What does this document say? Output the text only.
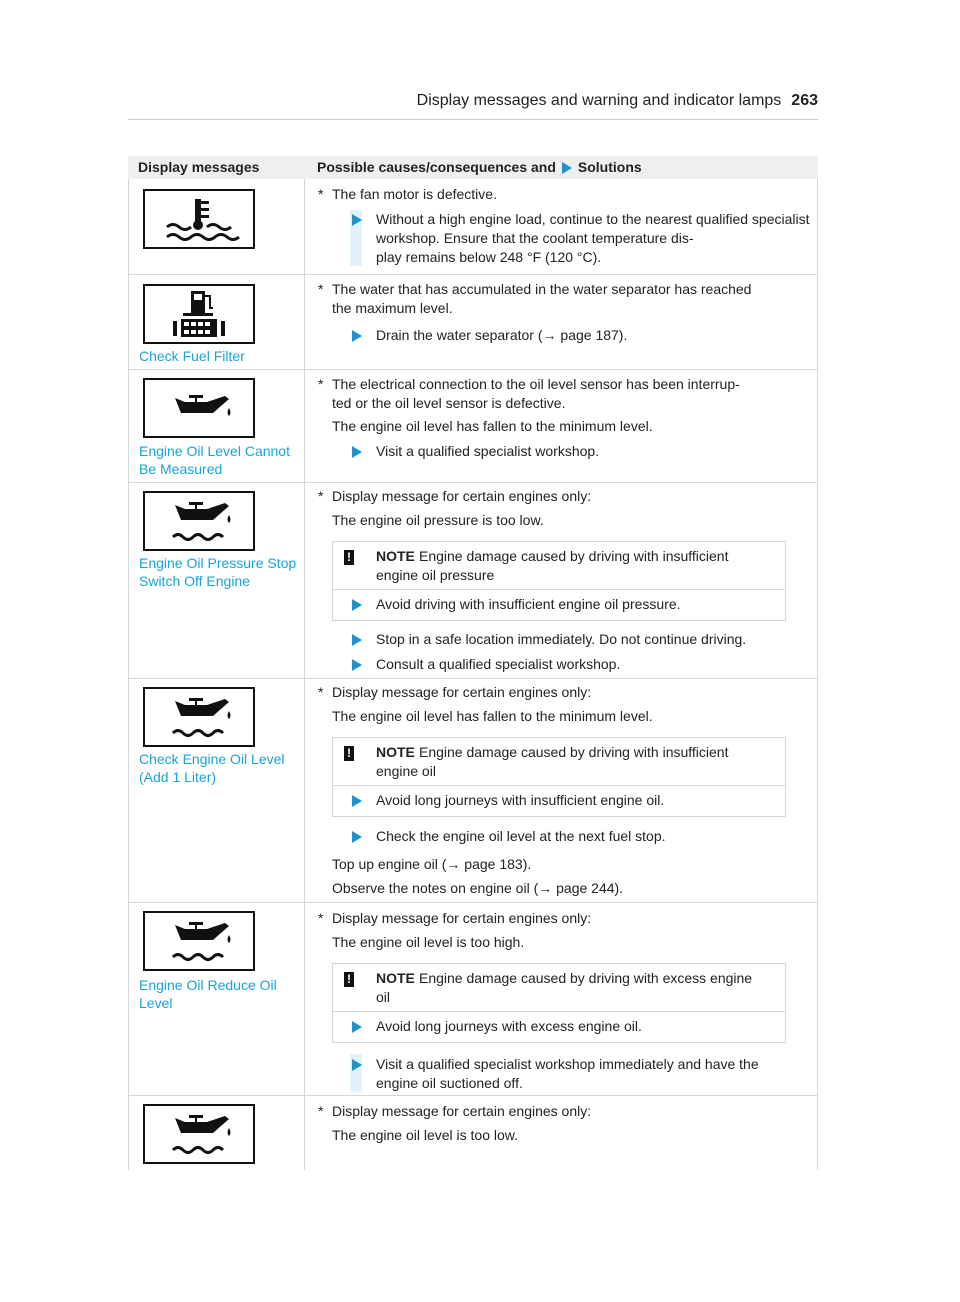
Display messages and warning and indicator lamps 263
Display messages	Possible causes/consequences and Solutions
* The fan motor is defective.
Without a high engine load, continue to the nearest qualified specialist workshop. Ensure that the coolant temperature dis-
play remains below 248 °F (120 °C).
Check Fuel Filter
* The water that has accumulated in the water separator has reached
the maximum level.
Drain the water separator (→ page 187).
Engine Oil Level Cannot
Be Measured
* The electrical connection to the oil level sensor has been interrup-
ted or the oil level sensor is defective.
The engine oil level has fallen to the minimum level.
Visit a qualified specialist workshop.
Engine Oil Pressure Stop
Switch Off Engine
* Display message for certain engines only:
The engine oil pressure is too low.
! NOTE Engine damage caused by driving with insufficient
engine oil pressure
Avoid driving with insufficient engine oil pressure.
Stop in a safe location immediately. Do not continue driving.
Consult a qualified specialist workshop.
Check Engine Oil Level
(Add 1 Liter)
* Display message for certain engines only:
The engine oil level has fallen to the minimum level.
! NOTE Engine damage caused by driving with insufficient
engine oil
Avoid long journeys with insufficient engine oil.
Check the engine oil level at the next fuel stop.
Top up engine oil (→ page 183).
Observe the notes on engine oil (→ page 244).
Engine Oil Reduce Oil
Level
* Display message for certain engines only:
The engine oil level is too high.
! NOTE Engine damage caused by driving with excess engine
oil
Avoid long journeys with excess engine oil.
Visit a qualified specialist workshop immediately and have the
engine oil suctioned off.
* Display message for certain engines only:
The engine oil level is too low.
